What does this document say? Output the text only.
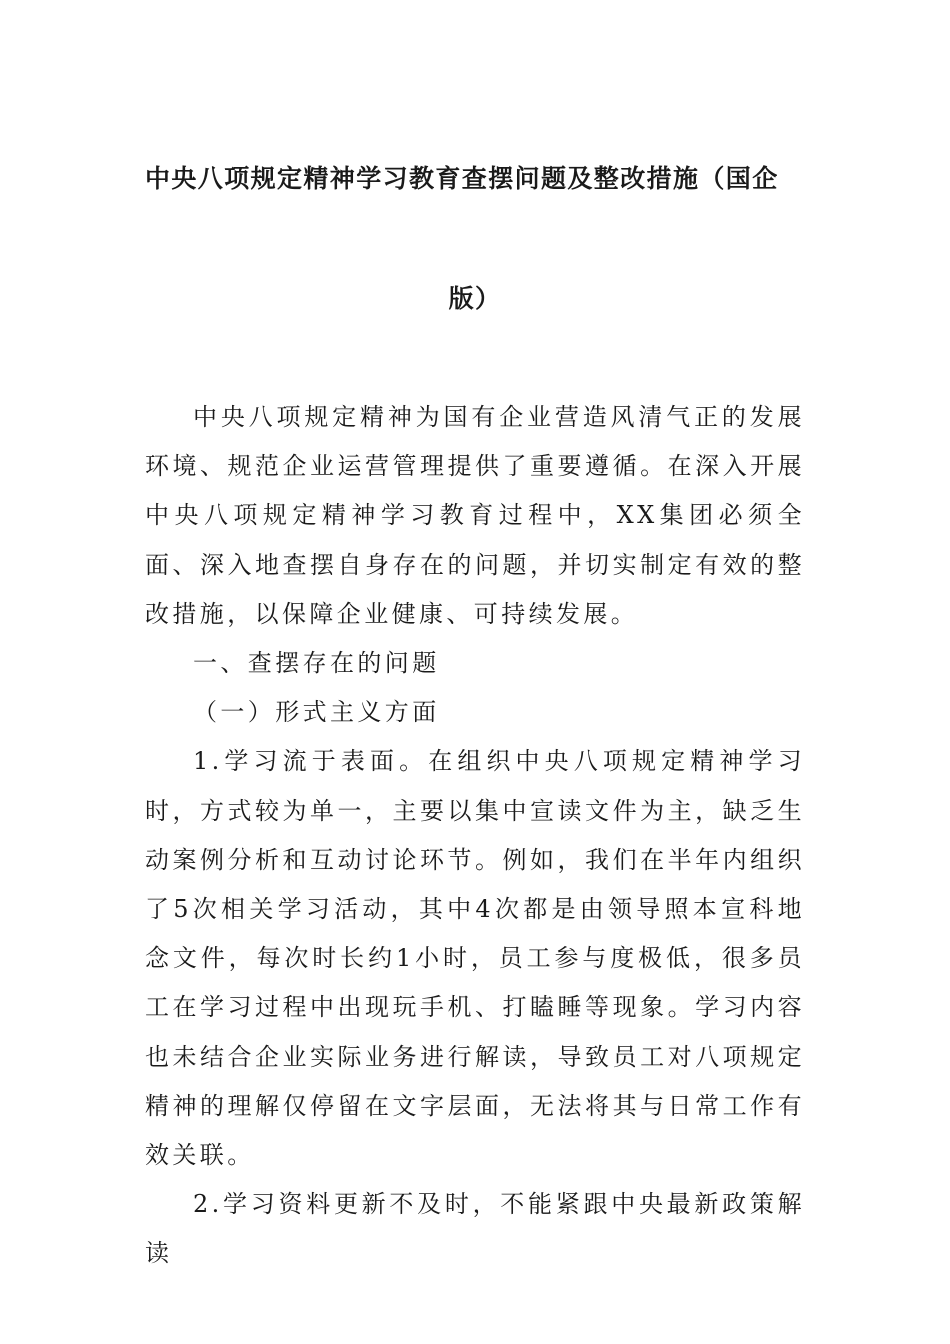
中央八项规定精神学习教育查摆问题及整改措施（国企
版）

中央八项规定精神为国有企业营造风清气正的发展环境、规范企业运营管理提供了重要遵循。在深入开展中央八项规定精神学习教育过程中，XX集团必须全面、深入地查摆自身存在的问题，并切实制定有效的整改措施，以保障企业健康、可持续发展。

一、查摆存在的问题

（一）形式主义方面

1.学习流于表面。在组织中央八项规定精神学习时，方式较为单一，主要以集中宣读文件为主，缺乏生动案例分析和互动讨论环节。例如，我们在半年内组织了5次相关学习活动，其中4次都是由领导照本宣科地念文件，每次时长约1小时，员工参与度极低，很多员工在学习过程中出现玩手机、打瞌睡等现象。学习内容也未结合企业实际业务进行解读，导致员工对八项规定精神的理解仅停留在文字层面，无法将其与日常工作有效关联。

2.学习资料更新不及时，不能紧跟中央最新政策解读
